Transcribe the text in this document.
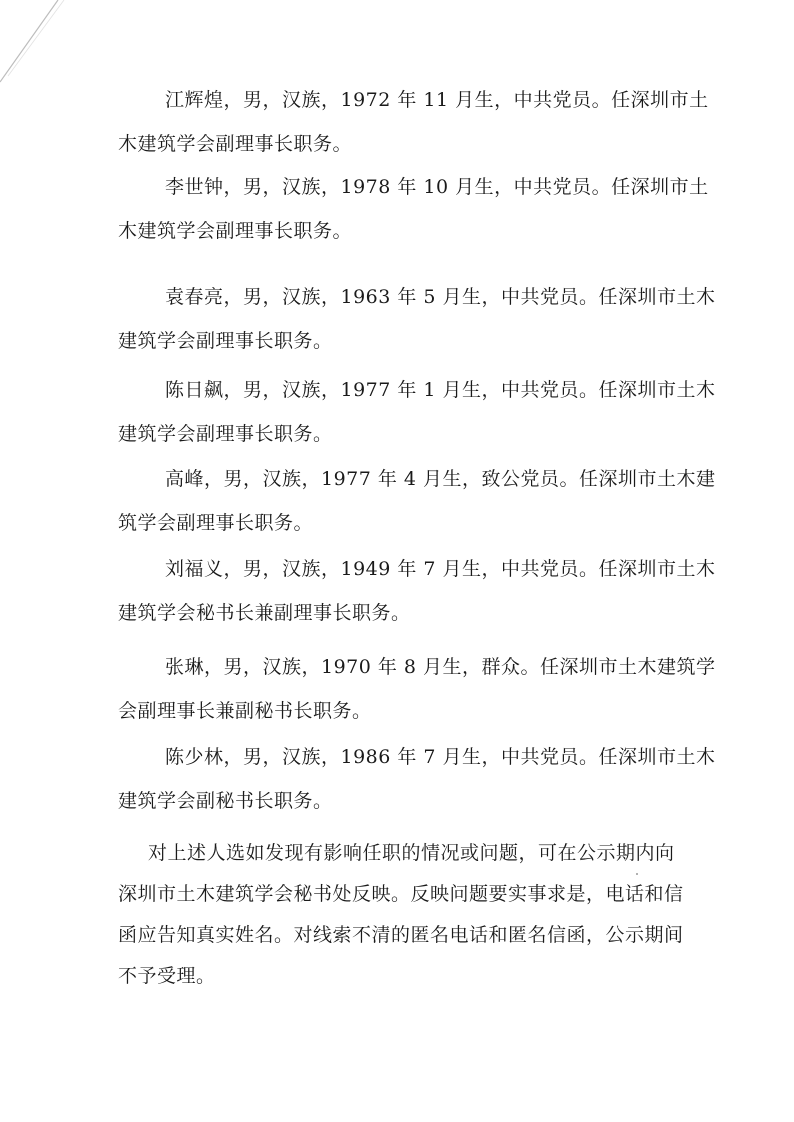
江辉煌，男，汉族，1972 年 11 月生，中共党员。任深圳市土
木建筑学会副理事长职务。
李世钟，男，汉族，1978 年 10 月生，中共党员。任深圳市土
木建筑学会副理事长职务。
袁春亮，男，汉族，1963 年 5 月生，中共党员。任深圳市土木
建筑学会副理事长职务。
陈日飙，男，汉族，1977 年 1 月生，中共党员。任深圳市土木
建筑学会副理事长职务。
高峰，男，汉族，1977 年 4 月生，致公党员。任深圳市土木建
筑学会副理事长职务。
刘福义，男，汉族，1949 年 7 月生，中共党员。任深圳市土木
建筑学会秘书长兼副理事长职务。
张琳，男，汉族，1970 年 8 月生，群众。任深圳市土木建筑学
会副理事长兼副秘书长职务。
陈少林，男，汉族，1986 年 7 月生，中共党员。任深圳市土木
建筑学会副秘书长职务。
对上述人选如发现有影响任职的情况或问题，可在公示期内向
深圳市土木建筑学会秘书处反映。反映问题要实事求是，电话和信
函应告知真实姓名。对线索不清的匿名电话和匿名信函，公示期间
不予受理。
